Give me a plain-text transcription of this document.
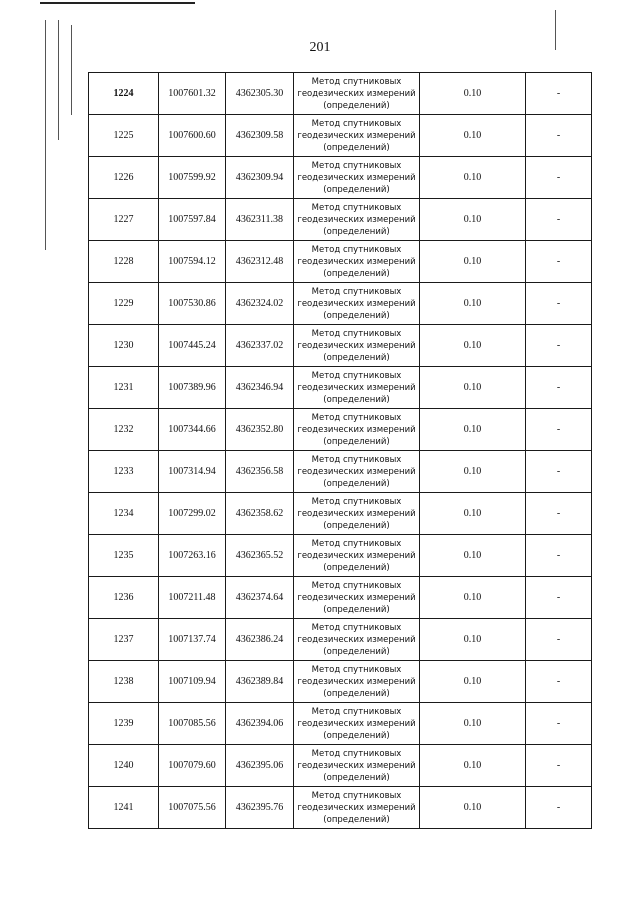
201
1224	1007601.32	4362305.30	Метод спутниковых
геодезических измерений
(определений)	0.10	-
1225	1007600.60	4362309.58	Метод спутниковых
геодезических измерений
(определений)	0.10	-
1226	1007599.92	4362309.94	Метод спутниковых
геодезических измерений
(определений)	0.10	-
1227	1007597.84	4362311.38	Метод спутниковых
геодезических измерений
(определений)	0.10	-
1228	1007594.12	4362312.48	Метод спутниковых
геодезических измерений
(определений)	0.10	-
1229	1007530.86	4362324.02	Метод спутниковых
геодезических измерений
(определений)	0.10	-
1230	1007445.24	4362337.02	Метод спутниковых
геодезических измерений
(определений)	0.10	-
1231	1007389.96	4362346.94	Метод спутниковых
геодезических измерений
(определений)	0.10	-
1232	1007344.66	4362352.80	Метод спутниковых
геодезических измерений
(определений)	0.10	-
1233	1007314.94	4362356.58	Метод спутниковых
геодезических измерений
(определений)	0.10	-
1234	1007299.02	4362358.62	Метод спутниковых
геодезических измерений
(определений)	0.10	-
1235	1007263.16	4362365.52	Метод спутниковых
геодезических измерений
(определений)	0.10	-
1236	1007211.48	4362374.64	Метод спутниковых
геодезических измерений
(определений)	0.10	-
1237	1007137.74	4362386.24	Метод спутниковых
геодезических измерений
(определений)	0.10	-
1238	1007109.94	4362389.84	Метод спутниковых
геодезических измерений
(определений)	0.10	-
1239	1007085.56	4362394.06	Метод спутниковых
геодезических измерений
(определений)	0.10	-
1240	1007079.60	4362395.06	Метод спутниковых
геодезических измерений
(определений)	0.10	-
1241	1007075.56	4362395.76	Метод спутниковых
геодезических измерений
(определений)	0.10	-
